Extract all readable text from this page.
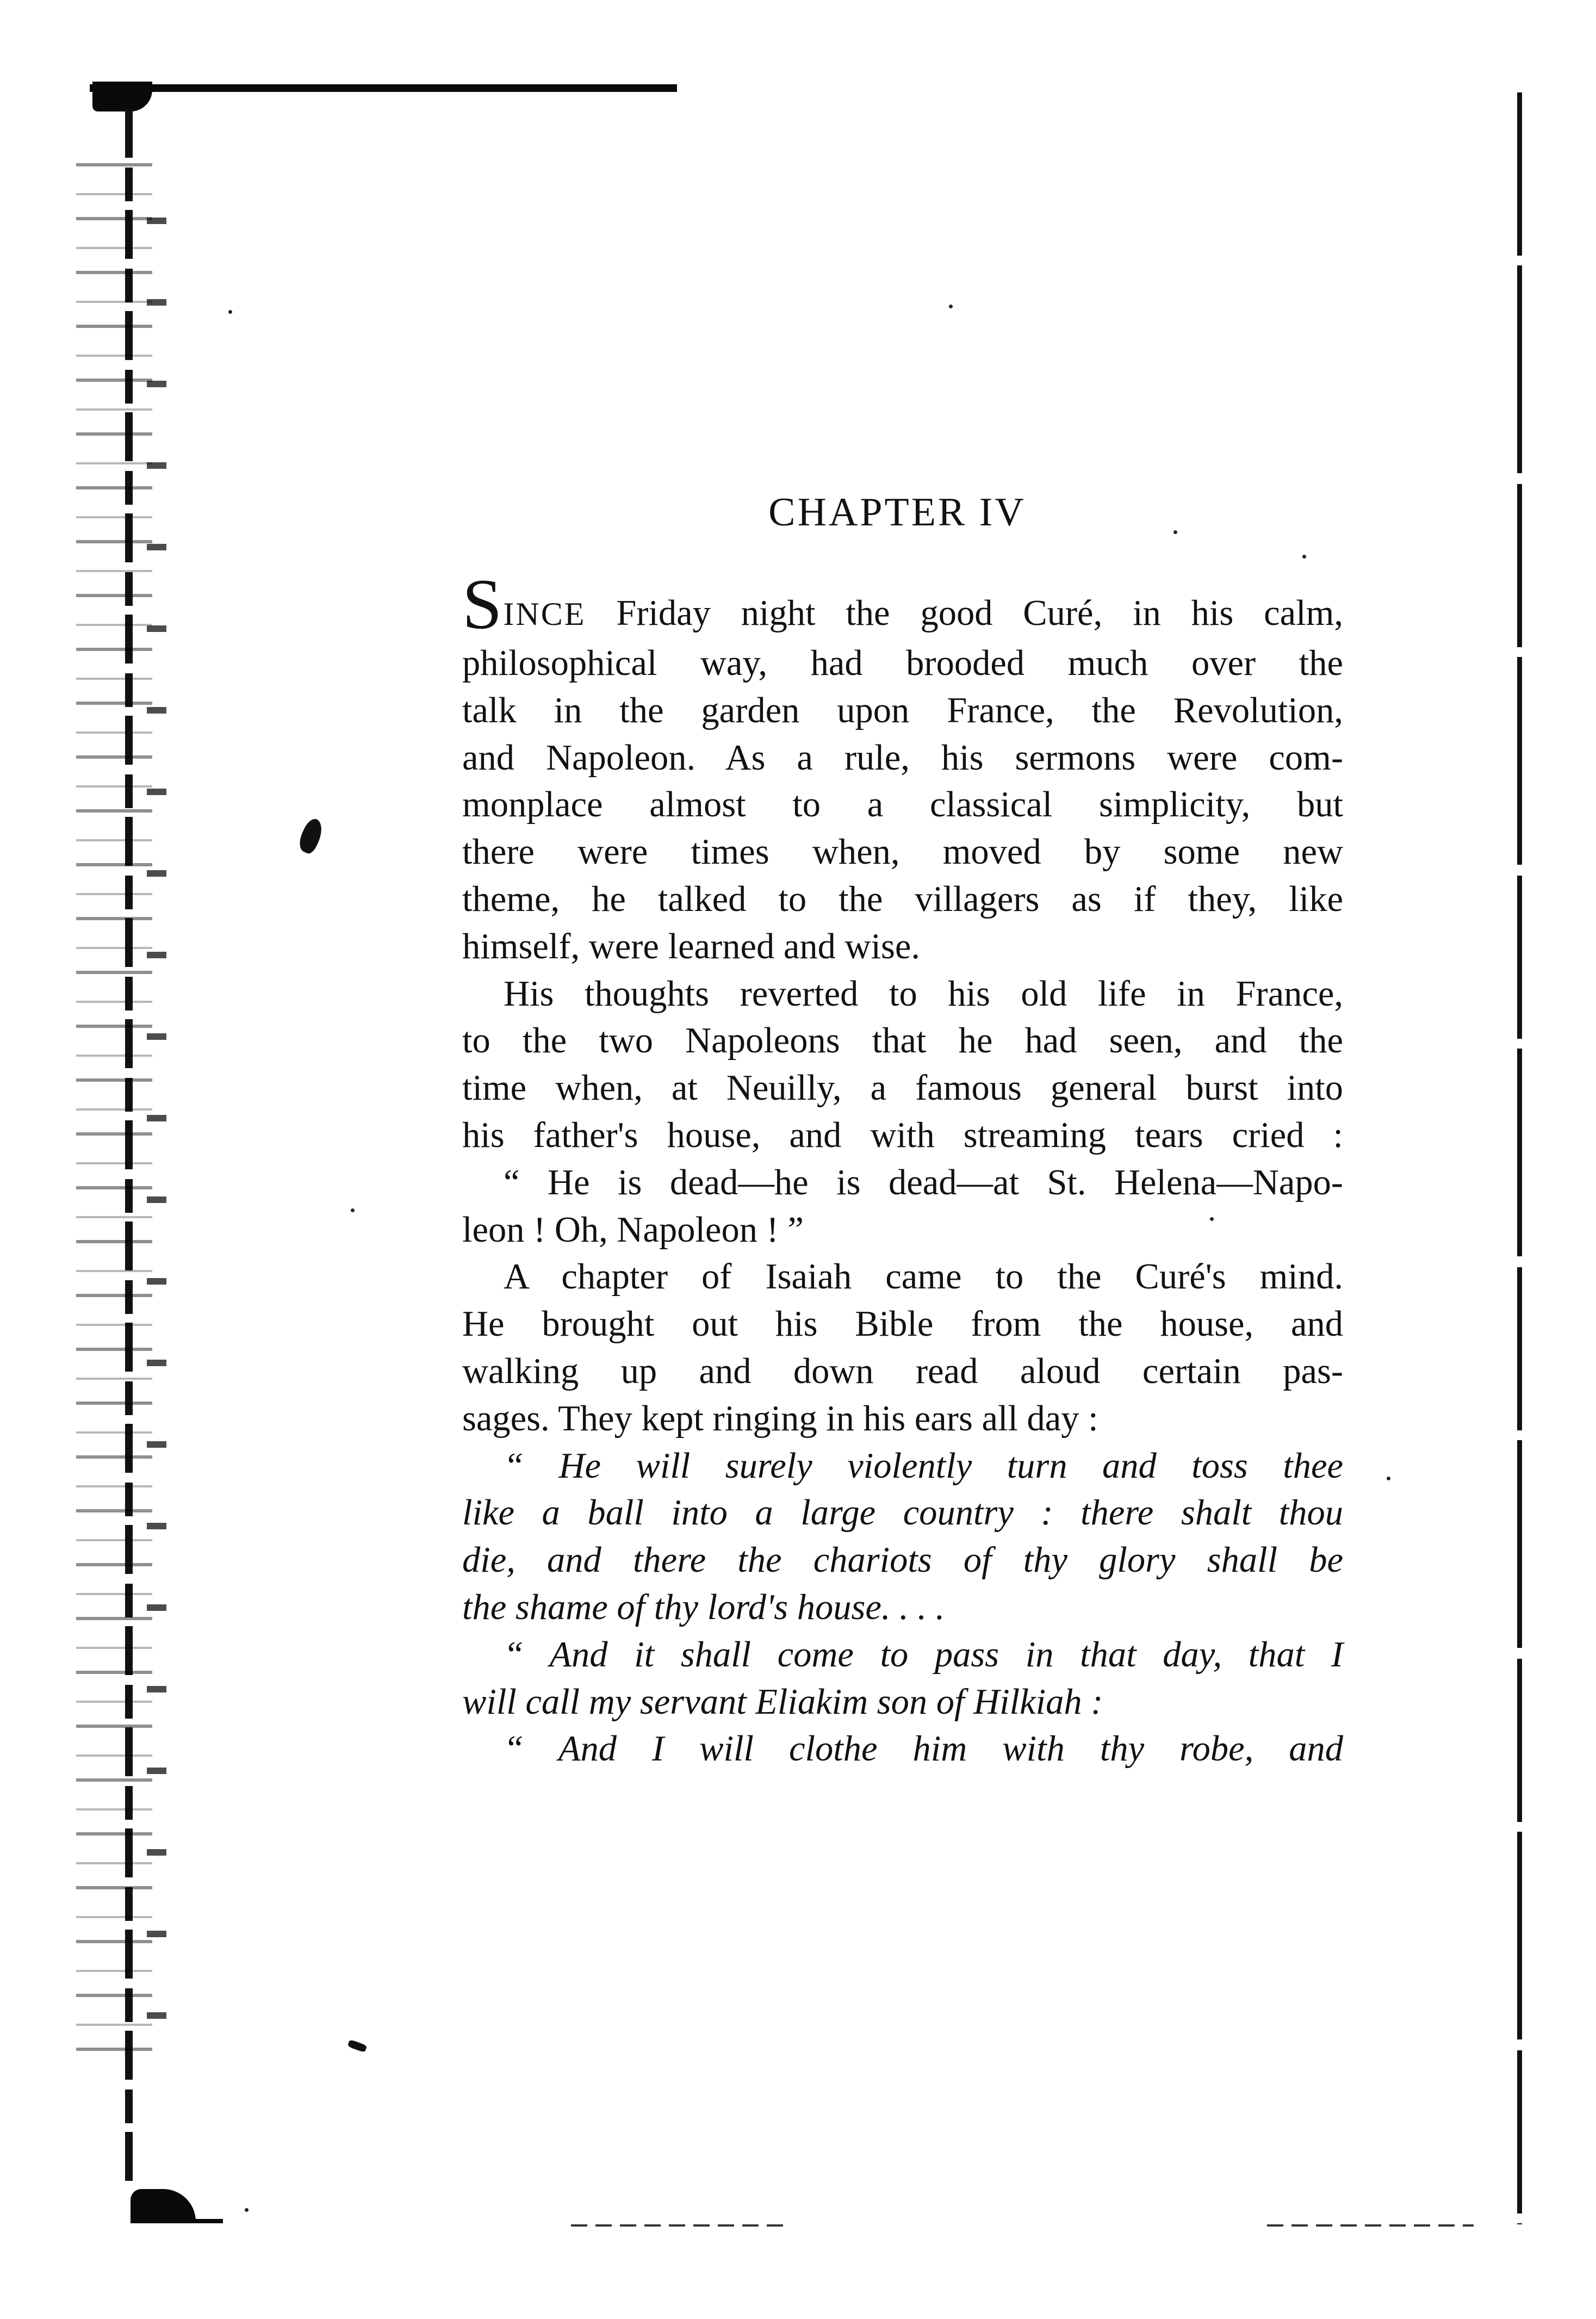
CHAPTER IV

SINCE Friday night the good Curé, in his calm,
philosophical way, had brooded much over the
talk in the garden upon France, the Revolution,
and Napoleon. As a rule, his sermons were com-
monplace almost to a classical simplicity, but
there were times when, moved by some new
theme, he talked to the villagers as if they, like
himself, were learned and wise.

His thoughts reverted to his old life in France,
to the two Napoleons that he had seen, and the
time when, at Neuilly, a famous general burst into
his father's house, and with streaming tears cried :

“ He is dead—he is dead—at St. Helena—Napo-
leon ! Oh, Napoleon ! ”

A chapter of Isaiah came to the Curé's mind.
He brought out his Bible from the house, and
walking up and down read aloud certain pas-
sages. They kept ringing in his ears all day :

“ He will surely violently turn and toss thee
like a ball into a large country : there shalt thou
die, and there the chariots of thy glory shall be
the shame of thy lord's house. . . .

“ And it shall come to pass in that day, that I
will call my servant Eliakim son of Hilkiah :

“ And I will clothe him with thy robe, and
